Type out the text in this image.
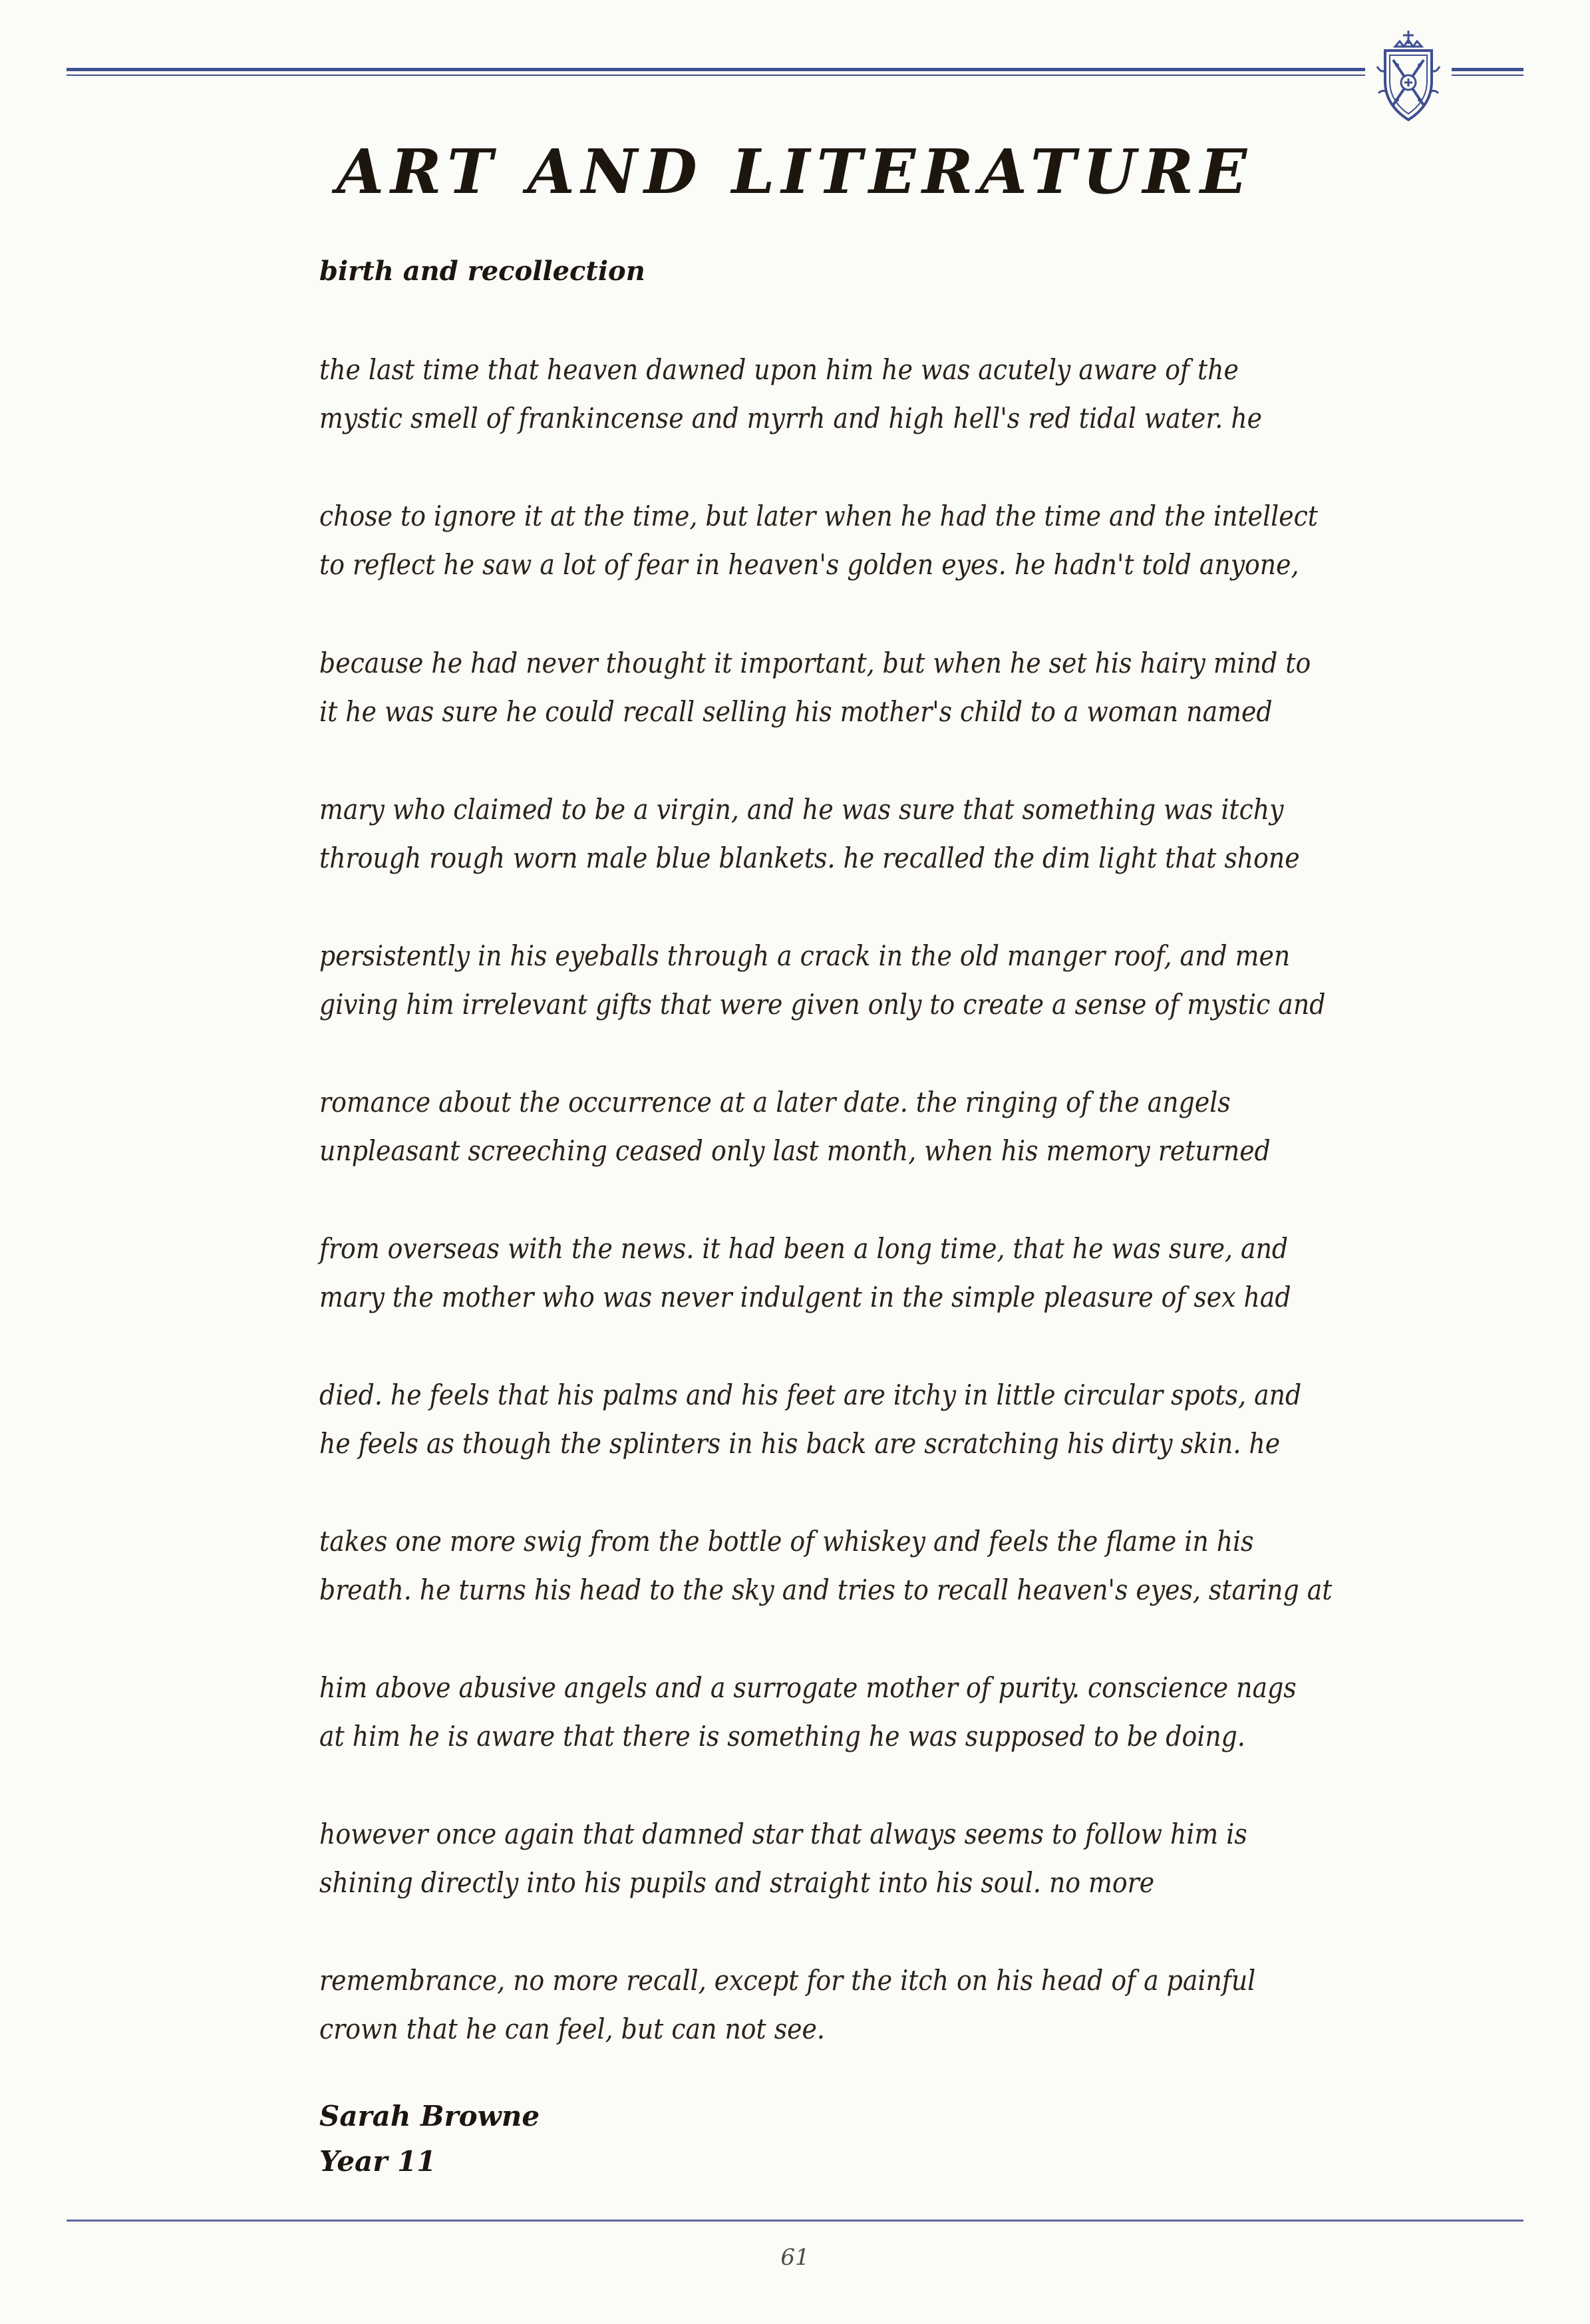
ART AND LITERATURE
birth and recollection
the last time that heaven dawned upon him he was acutely aware of the
mystic smell of frankincense and myrrh and high hell's red tidal water. he
chose to ignore it at the time, but later when he had the time and the intellect
to reflect he saw a lot of fear in heaven's golden eyes. he hadn't told anyone,
because he had never thought it important, but when he set his hairy mind to
it he was sure he could recall selling his mother's child to a woman named
mary who claimed to be a virgin, and he was sure that something was itchy
through rough worn male blue blankets. he recalled the dim light that shone
persistently in his eyeballs through a crack in the old manger roof, and men
giving him irrelevant gifts that were given only to create a sense of mystic and
romance about the occurrence at a later date. the ringing of the angels
unpleasant screeching ceased only last month, when his memory returned
from overseas with the news. it had been a long time, that he was sure, and
mary the mother who was never indulgent in the simple pleasure of sex had
died. he feels that his palms and his feet are itchy in little circular spots, and
he feels as though the splinters in his back are scratching his dirty skin. he
takes one more swig from the bottle of whiskey and feels the flame in his
breath. he turns his head to the sky and tries to recall heaven's eyes, staring at
him above abusive angels and a surrogate mother of purity. conscience nags
at him he is aware that there is something he was supposed to be doing.
however once again that damned star that always seems to follow him is
shining directly into his pupils and straight into his soul. no more
remembrance, no more recall, except for the itch on his head of a painful
crown that he can feel, but can not see.
Sarah Browne
Year 11
61
